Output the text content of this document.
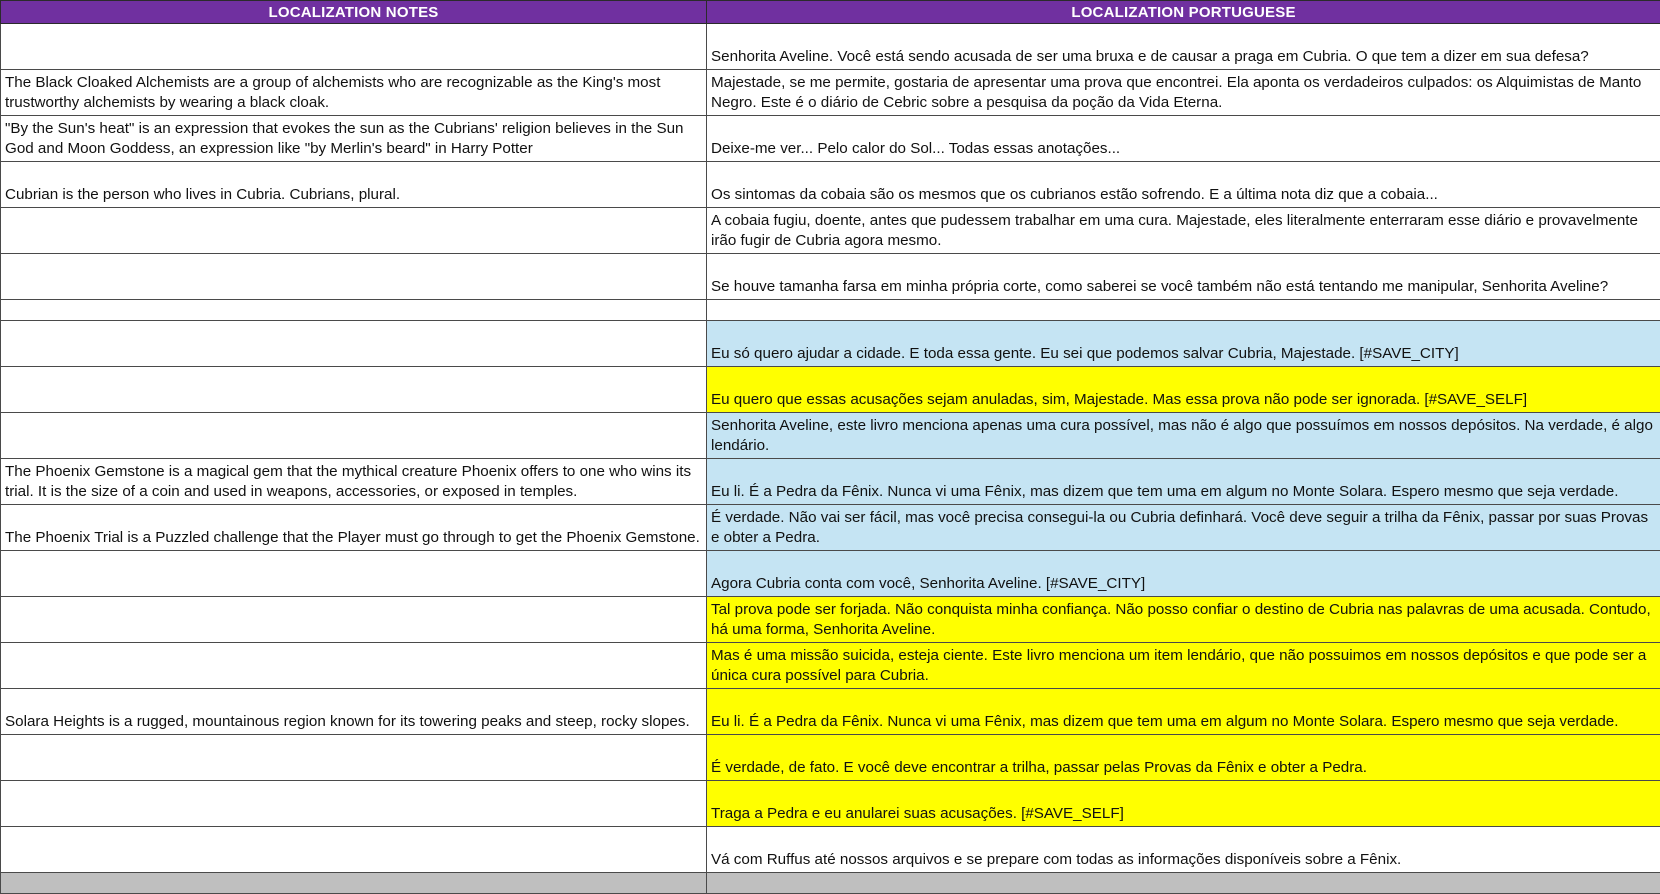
LOCALIZATION NOTES	LOCALIZATION PORTUGUESE
	Senhorita Aveline. Você está sendo acusada de ser uma bruxa e de causar a praga em Cubria. O que tem a dizer em sua defesa?
The Black Cloaked Alchemists are a group of alchemists who are recognizable as the King's most trustworthy alchemists by wearing a black cloak.	Majestade, se me permite, gostaria de apresentar uma prova que encontrei. Ela aponta os verdadeiros culpados: os Alquimistas de Manto Negro. Este é o diário de Cebric sobre a pesquisa da poção da Vida Eterna.
"By the Sun's heat" is an expression that evokes the sun as the Cubrians' religion believes in the Sun God and Moon Goddess, an expression like "by Merlin's beard" in Harry Potter	Deixe-me ver... Pelo calor do Sol... Todas essas anotações...
Cubrian is the person who lives in Cubria. Cubrians, plural.	Os sintomas da cobaia são os mesmos que os cubrianos estão sofrendo. E a última nota diz que a cobaia...
	A cobaia fugiu, doente, antes que pudessem trabalhar em uma cura. Majestade, eles literalmente enterraram esse diário e provavelmente irão fugir de Cubria agora mesmo.
	Se houve tamanha farsa em minha própria corte, como saberei se você também não está tentando me manipular, Senhorita Aveline?

	Eu só quero ajudar a cidade. E toda essa gente. Eu sei que podemos salvar Cubria, Majestade. [#SAVE_CITY]
	Eu quero que essas acusações sejam anuladas, sim, Majestade. Mas essa prova não pode ser ignorada. [#SAVE_SELF]
	Senhorita Aveline, este livro menciona apenas uma cura possível, mas não é algo que possuímos em nossos depósitos. Na verdade, é algo lendário.
The Phoenix Gemstone is a magical gem that the mythical creature Phoenix offers to one who wins its trial. It is the size of a coin and used in weapons, accessories, or exposed in temples.	Eu li. É a Pedra da Fênix. Nunca vi uma Fênix, mas dizem que tem uma em algum no Monte Solara. Espero mesmo que seja verdade.
The Phoenix Trial is a Puzzled challenge that the Player must go through to get the Phoenix Gemstone.	É verdade. Não vai ser fácil, mas você precisa consegui-la ou Cubria definhará. Você deve seguir a trilha da Fênix, passar por suas Provas e obter a Pedra.
	Agora Cubria conta com você, Senhorita Aveline. [#SAVE_CITY]
	Tal prova pode ser forjada. Não conquista minha confiança. Não posso confiar o destino de Cubria nas palavras de uma acusada. Contudo, há uma forma, Senhorita Aveline.
	Mas é uma missão suicida, esteja ciente. Este livro menciona um item lendário, que não possuimos em nossos depósitos e que pode ser a única cura possível para Cubria.
Solara Heights is a rugged, mountainous region known for its towering peaks and steep, rocky slopes.	Eu li. É a Pedra da Fênix. Nunca vi uma Fênix, mas dizem que tem uma em algum no Monte Solara. Espero mesmo que seja verdade.
	É verdade, de fato. E você deve encontrar a trilha, passar pelas Provas da Fênix e obter a Pedra.
	Traga a Pedra e eu anularei suas acusações. [#SAVE_SELF]
	Vá com Ruffus até nossos arquivos e se prepare com todas as informações disponíveis sobre a Fênix.
